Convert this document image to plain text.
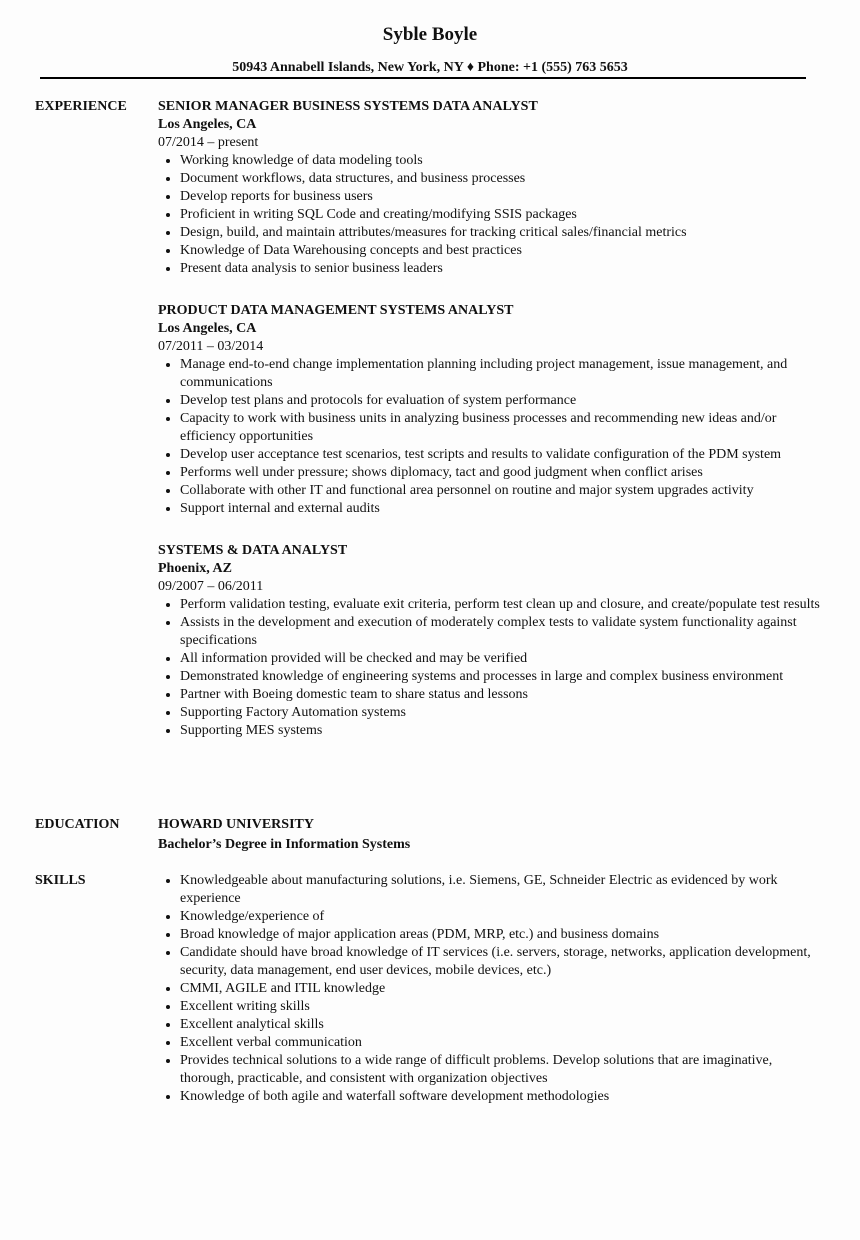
Syble Boyle
50943 Annabell Islands, New York, NY ♦ Phone: +1 (555) 763 5653
EXPERIENCE SENIOR MANAGER BUSINESS SYSTEMS DATA ANALYST
Los Angeles, CA
07/2014 – present
• Working knowledge of data modeling tools
• Document workflows, data structures, and business processes
• Develop reports for business users
• Proficient in writing SQL Code and creating/modifying SSIS packages
• Design, build, and maintain attributes/measures for tracking critical sales/financial metrics
• Knowledge of Data Warehousing concepts and best practices
• Present data analysis to senior business leaders
PRODUCT DATA MANAGEMENT SYSTEMS ANALYST
Los Angeles, CA
07/2011 – 03/2014
• Manage end-to-end change implementation planning including project management, issue management, and communications
• Develop test plans and protocols for evaluation of system performance
• Capacity to work with business units in analyzing business processes and recommending new ideas and/or efficiency opportunities
• Develop user acceptance test scenarios, test scripts and results to validate configuration of the PDM system
• Performs well under pressure; shows diplomacy, tact and good judgment when conflict arises
• Collaborate with other IT and functional area personnel on routine and major system upgrades activity
• Support internal and external audits
SYSTEMS & DATA ANALYST
Phoenix, AZ
09/2007 – 06/2011
• Perform validation testing, evaluate exit criteria, perform test clean up and closure, and create/populate test results
• Assists in the development and execution of moderately complex tests to validate system functionality against specifications
• All information provided will be checked and may be verified
• Demonstrated knowledge of engineering systems and processes in large and complex business environment
• Partner with Boeing domestic team to share status and lessons
• Supporting Factory Automation systems
• Supporting MES systems
EDUCATION	HOWARD UNIVERSITY
Bachelor’s Degree in Information Systems
SKILLS	• Knowledgeable about manufacturing solutions, i.e. Siemens, GE, Schneider Electric as evidenced by work experience
• Knowledge/experience of
• Broad knowledge of major application areas (PDM, MRP, etc.) and business domains
• Candidate should have broad knowledge of IT services (i.e. servers, storage, networks, application development, security, data management, end user devices, mobile devices, etc.)
• CMMI, AGILE and ITIL knowledge
• Excellent writing skills
• Excellent analytical skills
• Excellent verbal communication
• Provides technical solutions to a wide range of difficult problems. Develop solutions that are imaginative, thorough, practicable, and consistent with organization objectives
• Knowledge of both agile and waterfall software development methodologies
